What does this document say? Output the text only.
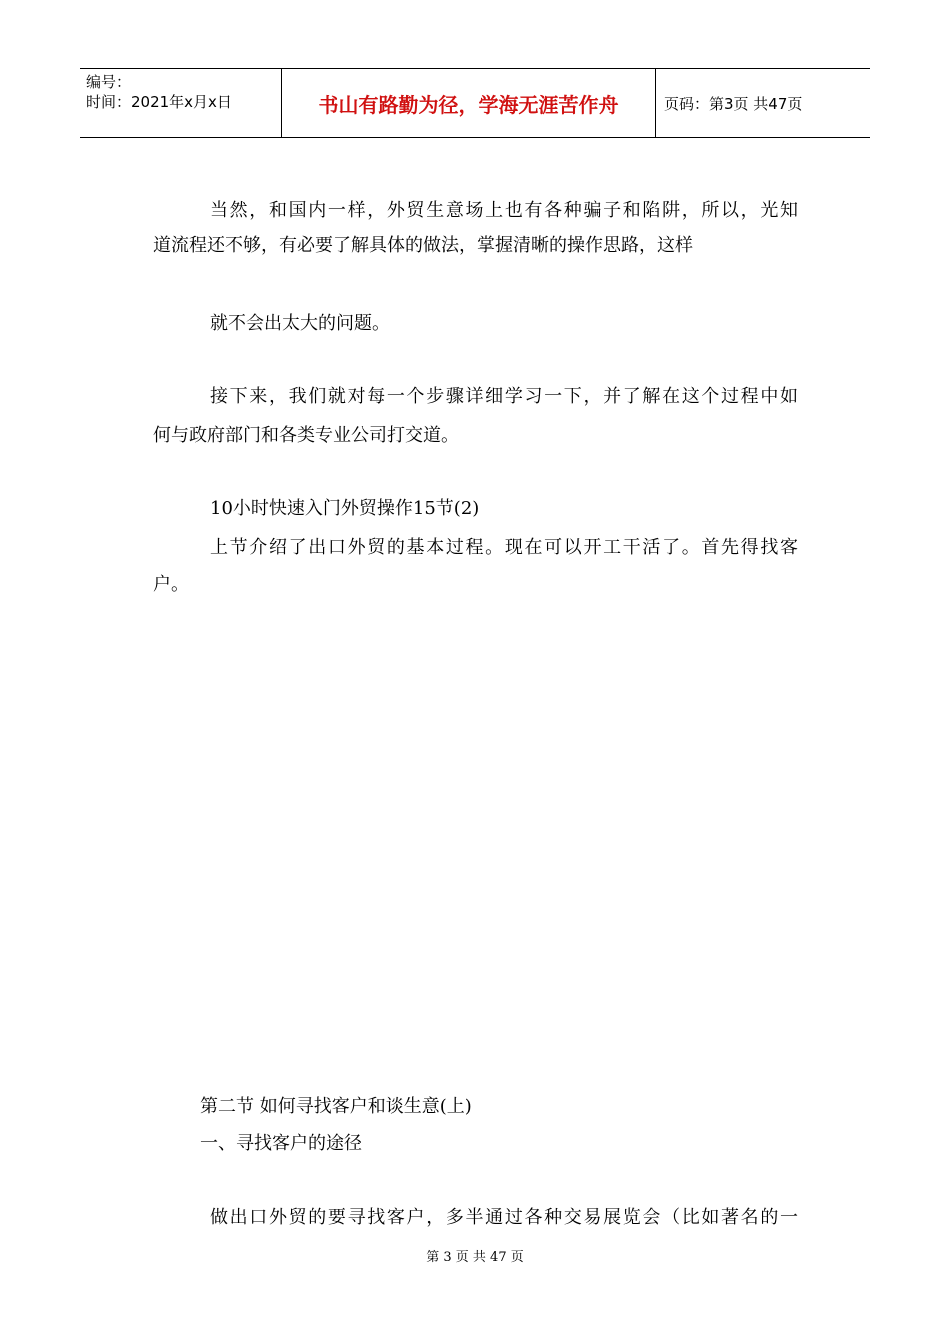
编号：
时间：2021年x月x日	书山有路勤为径，学海无涯苦作舟	页码：第3页 共47页
当然，和国内一样，外贸生意场上也有各种骗子和陷阱，所以，光知
道流程还不够，有必要了解具体的做法，掌握清晰的操作思路，这样
就不会出太大的问题。
接下来，我们就对每一个步骤详细学习一下，并了解在这个过程中如
何与政府部门和各类专业公司打交道。
10小时快速入门外贸操作15节(2)
上节介绍了出口外贸的基本过程。现在可以开工干活了。首先得找客
户。
第二节 如何寻找客户和谈生意(上)
一、寻找客户的途径
做出口外贸的要寻找客户，多半通过各种交易展览会（比如著名的一
第 3 页 共 47 页
